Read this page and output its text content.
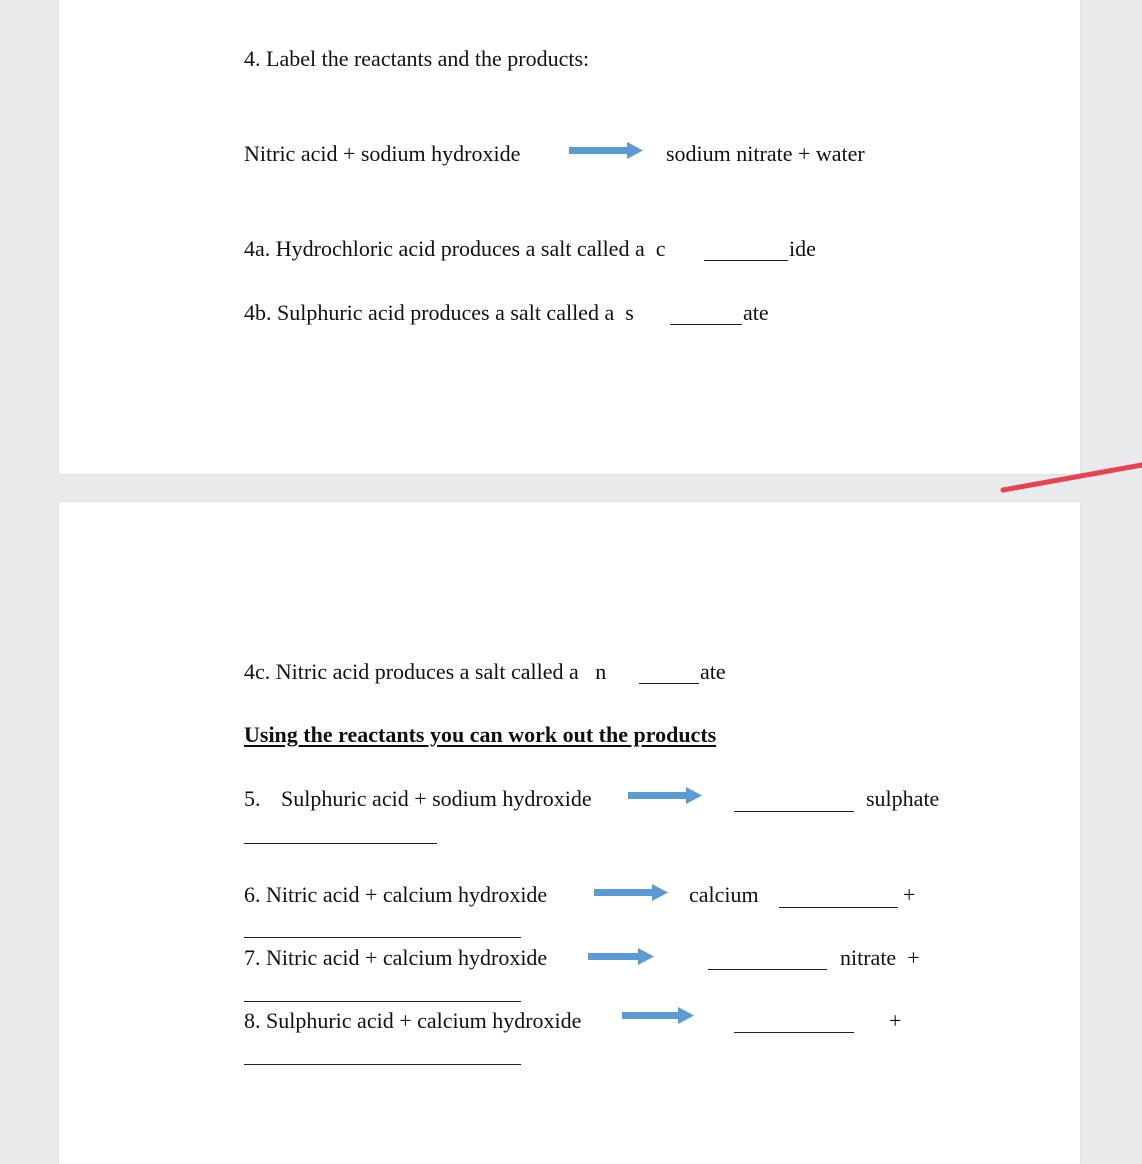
4. Label the reactants and the products:
Nitric acid + sodium hydroxide	sodium nitrate + water
4a. Hydrochloric acid produces a salt called a  c	ide
4b. Sulphuric acid produces a salt called a  s	ate
4c. Nitric acid produces a salt called a   n	ate
Using the reactants you can work out the products
5. Sulphuric acid + sodium hydroxide	sulphate
6. Nitric acid + calcium hydroxide	calcium	+
7. Nitric acid + calcium hydroxide	nitrate  +
8. Sulphuric acid + calcium hydroxide	+
